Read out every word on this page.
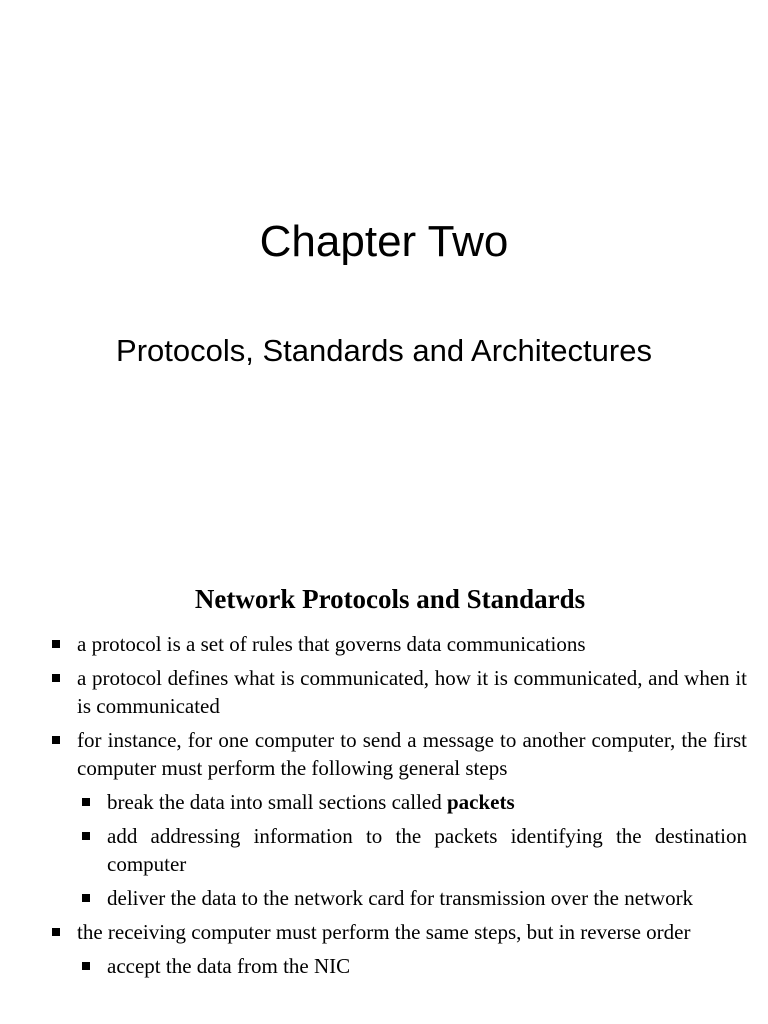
Chapter Two
Protocols, Standards and Architectures
Network Protocols and Standards
a protocol is a set of rules that governs data communications
a protocol defines what is communicated, how it is communicated, and when it is communicated
for instance, for one computer to send a message to another computer, the first computer must perform the following general steps
break the data into small sections called packets
add addressing information to the packets identifying the destination computer
deliver the data to the network card for transmission over the network
the receiving computer must perform the same steps, but in reverse order
accept the data from the NIC
